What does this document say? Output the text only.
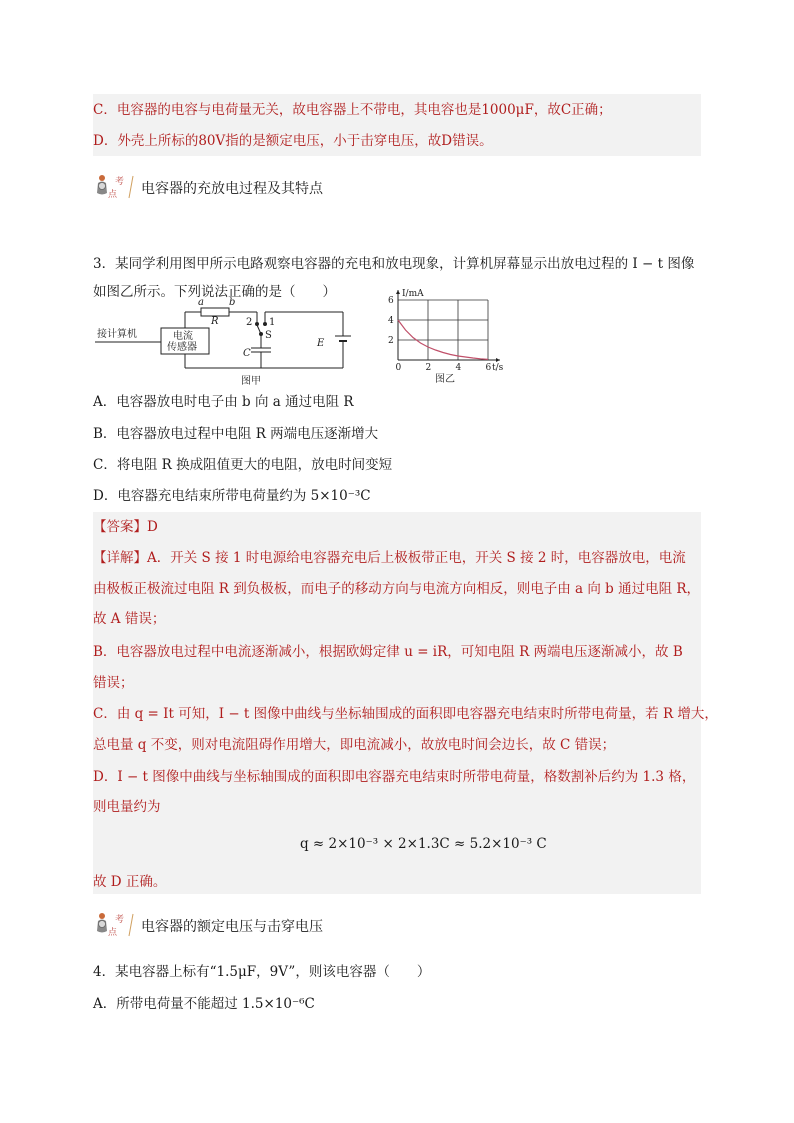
C．电容器的电容与电荷量无关，故电容器上不带电，其电容也是1000μF，故C正确；
D．外壳上所标的80V指的是额定电压，小于击穿电压，故D错误。
考
点 电容器的充放电过程及其特点
3．某同学利用图甲所示电路观察电容器的充电和放电现象，计算机屏幕显示出放电过程的 I − t 图像
如图乙所示。下列说法正确的是（　　）
接计算机	电流
传感器
a	b
R	2 1
S
C
E
图甲
0	2	4	6
2
4
6
I/mA
t/s
图乙
A．电容器放电时电子由 b 向 a 通过电阻 R
B．电容器放电过程中电阻 R 两端电压逐渐增大
C．将电阻 R 换成阻值更大的电阻，放电时间变短
D．电容器充电结束所带电荷量约为 5×10⁻³C
【答案】D
【详解】A．开关 S 接 1 时电源给电容器充电后上极板带正电，开关 S 接 2 时，电容器放电，电流
由极板正极流过电阻 R 到负极板，而电子的移动方向与电流方向相反，则电子由 a 向 b 通过电阻 R，
故 A 错误；
B．电容器放电过程中电流逐渐减小，根据欧姆定律 u = iR，可知电阻 R 两端电压逐渐减小，故 B
错误；
C．由 q = It 可知，I − t 图像中曲线与坐标轴围成的面积即电容器充电结束时所带电荷量，若 R 增大，
总电量 q 不变，则对电流阻碍作用增大，即电流减小，故放电时间会边长，故 C 错误；
D．I − t 图像中曲线与坐标轴围成的面积即电容器充电结束时所带电荷量，格数割补后约为 1.3 格，
则电量约为
q ≈ 2×10⁻³ × 2×1.3C ≈ 5.2×10⁻³ C
故 D 正确。
考
点 电容器的额定电压与击穿电压
4．某电容器上标有“1.5μF，9V”，则该电容器（　　）
A．所带电荷量不能超过 1.5×10⁻⁶C
